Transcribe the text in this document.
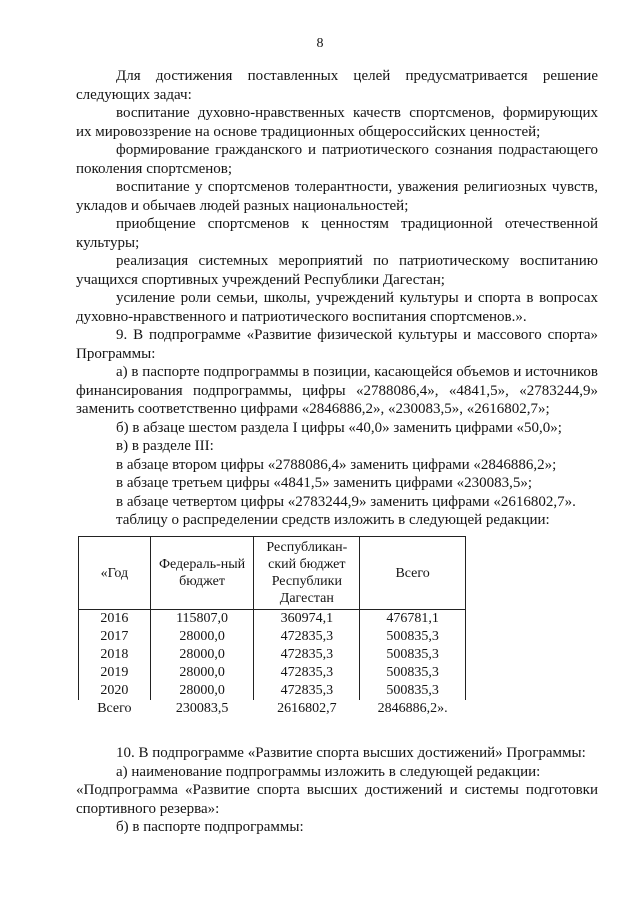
8

Для достижения поставленных целей предусматривается решение следующих задач:

воспитание духовно-нравственных качеств спортсменов, формирующих их мировоззрение на основе традиционных общероссийских ценностей;

формирование гражданского и патриотического сознания подрастающего поколения спортсменов;

воспитание у спортсменов толерантности, уважения религиозных чувств, укладов и обычаев людей разных национальностей;

приобщение спортсменов к ценностям традиционной отечественной культуры;

реализация системных мероприятий по патриотическому воспитанию учащихся спортивных учреждений Республики Дагестан;

усиление роли семьи, школы, учреждений культуры и спорта в вопросах духовно-нравственного и патриотического воспитания спортсменов.».

9. В подпрограмме «Развитие физической культуры и массового спорта» Программы:

а) в паспорте подпрограммы в позиции, касающейся объемов и источников финансирования подпрограммы, цифры «2788086,4», «4841,5», «2783244,9» заменить соответственно цифрами «2846886,2», «230083,5», «2616802,7»;

б) в абзаце шестом раздела I цифры «40,0» заменить цифрами «50,0»;

в) в разделе III:

в абзаце втором цифры «2788086,4» заменить цифрами «2846886,2»;

в абзаце третьем цифры «4841,5» заменить цифрами «230083,5»;

в абзаце четвертом цифры «2783244,9» заменить цифрами «2616802,7».

таблицу о распределении средств изложить в следующей редакции:

«Год	Федераль-ный бюджет	Республикан-ский бюджет Республики Дагестан	Всего
2016	115807,0	360974,1	476781,1
2017	28000,0	472835,3	500835,3
2018	28000,0	472835,3	500835,3
2019	28000,0	472835,3	500835,3
2020	28000,0	472835,3	500835,3
Всего	230083,5	2616802,7	2846886,2».

10. В подпрограмме «Развитие спорта высших достижений» Программы:

а) наименование подпрограммы изложить в следующей редакции:

«Подпрограмма «Развитие спорта высших достижений и системы подготовки спортивного резерва»:

б) в паспорте подпрограммы:
